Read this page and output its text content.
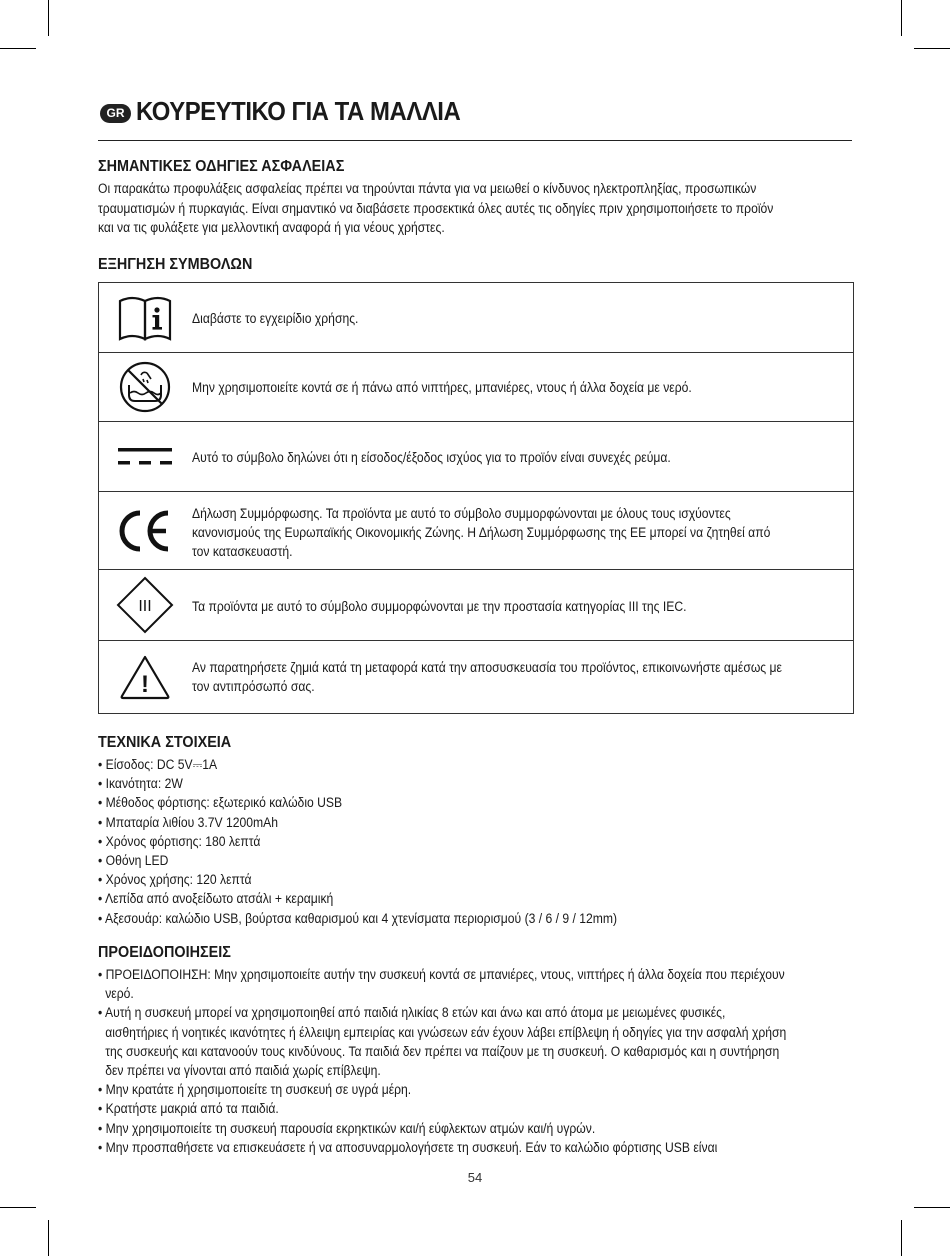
GR ΚΟΥΡΕΥΤΙΚΟ ΓΙΑ ΤΑ ΜΑΛΛΙΑ
ΣΗΜΑΝΤΙΚΕΣ ΟΔΗΓΙΕΣ ΑΣΦΑΛΕΙΑΣ
Οι παρακάτω προφυλάξεις ασφαλείας πρέπει να τηρούνται πάντα για να μειωθεί ο κίνδυνος ηλεκτροπληξίας, προσωπικών
τραυματισμών ή πυρκαγιάς. Είναι σημαντικό να διαβάσετε προσεκτικά όλες αυτές τις οδηγίες πριν χρησιμοποιήσετε το προϊόν
και να τις φυλάξετε για μελλοντική αναφορά ή για νέους χρήστες.
ΕΞΗΓΗΣΗ ΣΥΜΒΟΛΩΝ
Διαβάστε το εγχειρίδιο χρήσης.
Μην χρησιμοποιείτε κοντά σε ή πάνω από νιπτήρες, μπανιέρες, ντους ή άλλα δοχεία με νερό.
Αυτό το σύμβολο δηλώνει ότι η είσοδος/έξοδος ισχύος για το προϊόν είναι συνεχές ρεύμα.
Δήλωση Συμμόρφωσης. Τα προϊόντα με αυτό το σύμβολο συμμορφώνονται με όλους τους ισχύοντες
κανονισμούς της Ευρωπαϊκής Οικονομικής Ζώνης. Η Δήλωση Συμμόρφωσης της ΕΕ μπορεί να ζητηθεί από
τον κατασκευαστή.
III	Τα προϊόντα με αυτό το σύμβολο συμμορφώνονται με την προστασία κατηγορίας III της IEC.
!
Αν παρατηρήσετε ζημιά κατά τη μεταφορά κατά την αποσυσκευασία του προϊόντος, επικοινωνήστε αμέσως με
τον αντιπρόσωπό σας.
ΤΕΧΝΙΚΑ ΣΤΟΙΧΕΙΑ
• Είσοδος: DC 5V⎓1A
• Ικανότητα: 2W
• Μέθοδος φόρτισης: εξωτερικό καλώδιο USB
• Μπαταρία λιθίου 3.7V 1200mAh
• Χρόνος φόρτισης: 180 λεπτά
• Οθόνη LED
• Χρόνος χρήσης: 120 λεπτά
• Λεπίδα από ανοξείδωτο ατσάλι + κεραμική
• Αξεσουάρ: καλώδιο USB, βούρτσα καθαρισμού και 4 χτενίσματα περιορισμού (3 / 6 / 9 / 12mm)
ΠΡΟΕΙΔΟΠΟΙΗΣΕΙΣ
• ΠΡΟΕΙΔΟΠΟΙΗΣΗ: Μην χρησιμοποιείτε αυτήν την συσκευή κοντά σε μπανιέρες, ντους, νιπτήρες ή άλλα δοχεία που περιέχουν
νερό.
• Αυτή η συσκευή μπορεί να χρησιμοποιηθεί από παιδιά ηλικίας 8 ετών και άνω και από άτομα με μειωμένες φυσικές,
αισθητήριες ή νοητικές ικανότητες ή έλλειψη εμπειρίας και γνώσεων εάν έχουν λάβει επίβλεψη ή οδηγίες για την ασφαλή χρήση
της συσκευής και κατανοούν τους κινδύνους. Τα παιδιά δεν πρέπει να παίζουν με τη συσκευή. Ο καθαρισμός και η συντήρηση
δεν πρέπει να γίνονται από παιδιά χωρίς επίβλεψη.
• Μην κρατάτε ή χρησιμοποιείτε τη συσκευή σε υγρά μέρη.
• Κρατήστε μακριά από τα παιδιά.
• Μην χρησιμοποιείτε τη συσκευή παρουσία εκρηκτικών και/ή εύφλεκτων ατμών και/ή υγρών.
• Μην προσπαθήσετε να επισκευάσετε ή να αποσυναρμολογήσετε τη συσκευή. Εάν το καλώδιο φόρτισης USB είναι
54
